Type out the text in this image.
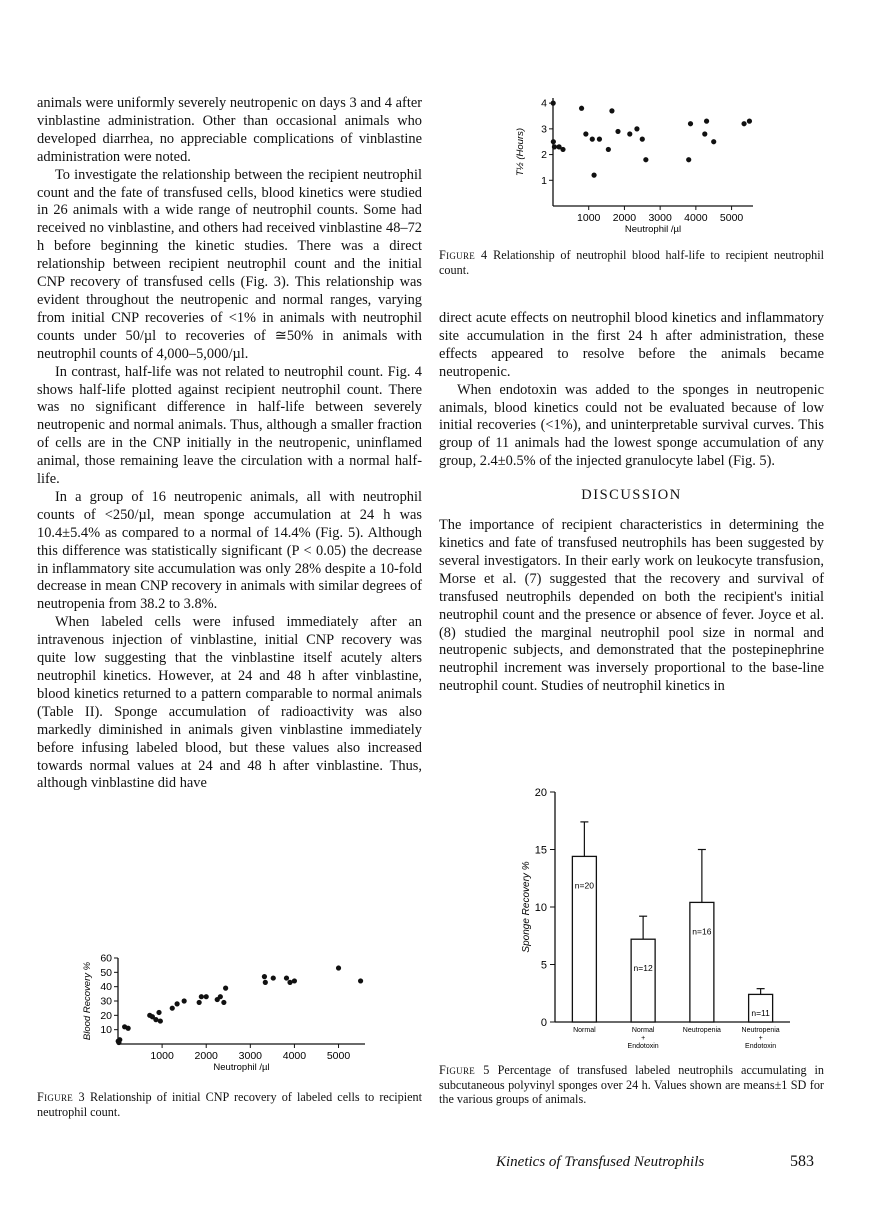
animals were uniformly severely neutropenic on days 3 and 4 after vinblastine administration. Other than occasional animals who developed diarrhea, no appreciable complications of vinblastine administration were noted.

To investigate the relationship between the recipient neutrophil count and the fate of transfused cells, blood kinetics were studied in 26 animals with a wide range of neutrophil counts. Some had received no vinblastine, and others had received vinblastine 48–72 h before beginning the kinetic studies. There was a direct relationship between recipient neutrophil count and the initial CNP recovery of transfused cells (Fig. 3). This relationship was evident throughout the neutropenic and normal ranges, varying from initial CNP recoveries of <1% in animals with neutrophil counts under 50/µl to recoveries of ≅50% in animals with neutrophil counts of 4,000–5,000/µl.

In contrast, half-life was not related to neutrophil count. Fig. 4 shows half-life plotted against recipient neutrophil count. There was no significant difference in half-life between severely neutropenic and normal animals. Thus, although a smaller fraction of cells are in the CNP initially in the neutropenic, uninflamed animal, those remaining leave the circulation with a normal half-life.

In a group of 16 neutropenic animals, all with neutrophil counts of <250/µl, mean sponge accumulation at 24 h was 10.4±5.4% as compared to a normal of 14.4% (Fig. 5). Although this difference was statistically significant (P < 0.05) the decrease in inflammatory site accumulation was only 28% despite a 10-fold decrease in mean CNP recovery in animals with similar degrees of neutropenia from 38.2 to 3.8%.

When labeled cells were infused immediately after an intravenous injection of vinblastine, initial CNP recovery was quite low suggesting that the vinblastine itself acutely alters neutrophil kinetics. However, at 24 and 48 h after vinblastine, blood kinetics returned to a pattern comparable to normal animals (Table II). Sponge accumulation of radioactivity was also markedly diminished in animals given vinblastine immediately before infusing labeled blood, but these values also increased towards normal values at 24 and 48 h after vinblastine. Thus, although vinblastine did have

1000 2000 3000 4000 5000
10
20
30
40
50
60
Neutrophil /µl
Blood Recovery %
Figure 3 Relationship of initial CNP recovery of labeled cells to recipient neutrophil count.
1000 2000 3000 4000 5000
1
2
3
4
Neutrophil /µl
T½ (Hours)
Figure 4 Relationship of neutrophil blood half-life to recipient neutrophil count.

direct acute effects on neutrophil blood kinetics and inflammatory site accumulation in the first 24 h after administration, these effects appeared to resolve before the animals became neutropenic.

When endotoxin was added to the sponges in neutropenic animals, blood kinetics could not be evaluated because of low initial recoveries (<1%), and uninterpretable survival curves. This group of 11 animals had the lowest sponge accumulation of any group, 2.4±0.5% of the injected granulocyte label (Fig. 5).

DISCUSSION

The importance of recipient characteristics in determining the kinetics and fate of transfused neutrophils has been suggested by several investigators. In their early work on leukocyte transfusion, Morse et al. (7) suggested that the recovery and survival of transfused neutrophils depended on both the recipient's initial neutrophil count and the presence or absence of fever. Joyce et al. (8) studied the marginal neutrophil pool size in normal and neutropenic subjects, and demonstrated that the postepinephrine neutrophil increment was inversely proportional to the base-line neutrophil count. Studies of neutrophil kinetics in

0
5
10
15
20
Sponge Recovery %	n=20
Normal
n=12
Normal
+
Endotoxin
n=16
Neutropenia
n=11
Neutropenia
+
Endotoxin
Figure 5 Percentage of transfused labeled neutrophils accumulating in subcutaneous polyvinyl sponges over 24 h. Values shown are means±1 SD for the various groups of animals.
Kinetics of Transfused Neutrophils	583
